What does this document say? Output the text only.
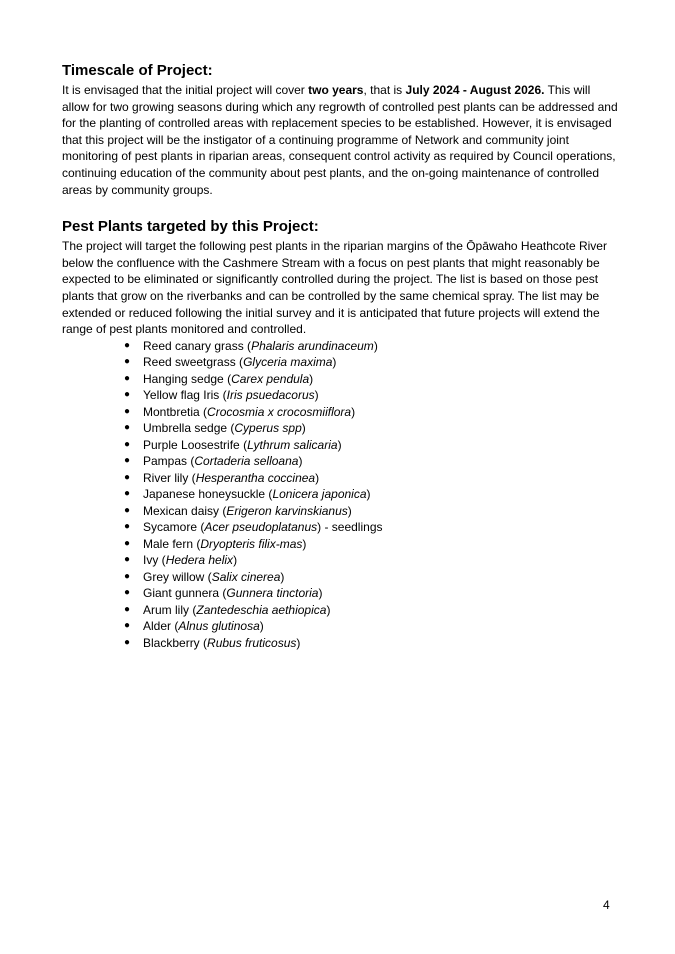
Timescale of Project:

It is envisaged that the initial project will cover two years, that is July 2024 - August 2026. This will allow for two growing seasons during which any regrowth of controlled pest plants can be addressed and for the planting of controlled areas with replacement species to be established. However, it is envisaged that this project will be the instigator of a continuing programme of Network and community joint monitoring of pest plants in riparian areas, consequent control activity as required by Council operations, continuing education of the community about pest plants, and the on-going maintenance of controlled areas by community groups.

Pest Plants targeted by this Project:

The project will target the following pest plants in the riparian margins of the Ōpāwaho Heathcote River below the confluence with the Cashmere Stream with a focus on pest plants that might reasonably be expected to be eliminated or significantly controlled during the project. The list is based on those pest plants that grow on the riverbanks and can be controlled by the same chemical spray. The list may be extended or reduced following the initial survey and it is anticipated that future projects will extend the range of pest plants monitored and controlled.

● Reed canary grass (Phalaris arundinaceum)
● Reed sweetgrass (Glyceria maxima)
● Hanging sedge (Carex pendula)
● Yellow flag Iris (Iris psuedacorus)
● Montbretia (Crocosmia x crocosmiiflora)
● Umbrella sedge (Cyperus spp)
● Purple Loosestrife (Lythrum salicaria)
● Pampas (Cortaderia selloana)
● River lily (Hesperantha coccinea)
● Japanese honeysuckle (Lonicera japonica)
● Mexican daisy (Erigeron karvinskianus)
● Sycamore (Acer pseudoplatanus) - seedlings
● Male fern (Dryopteris filix-mas)
● Ivy (Hedera helix)
● Grey willow (Salix cinerea)
● Giant gunnera (Gunnera tinctoria)
● Arum lily (Zantedeschia aethiopica)
● Alder (Alnus glutinosa)
● Blackberry (Rubus fruticosus)
4
